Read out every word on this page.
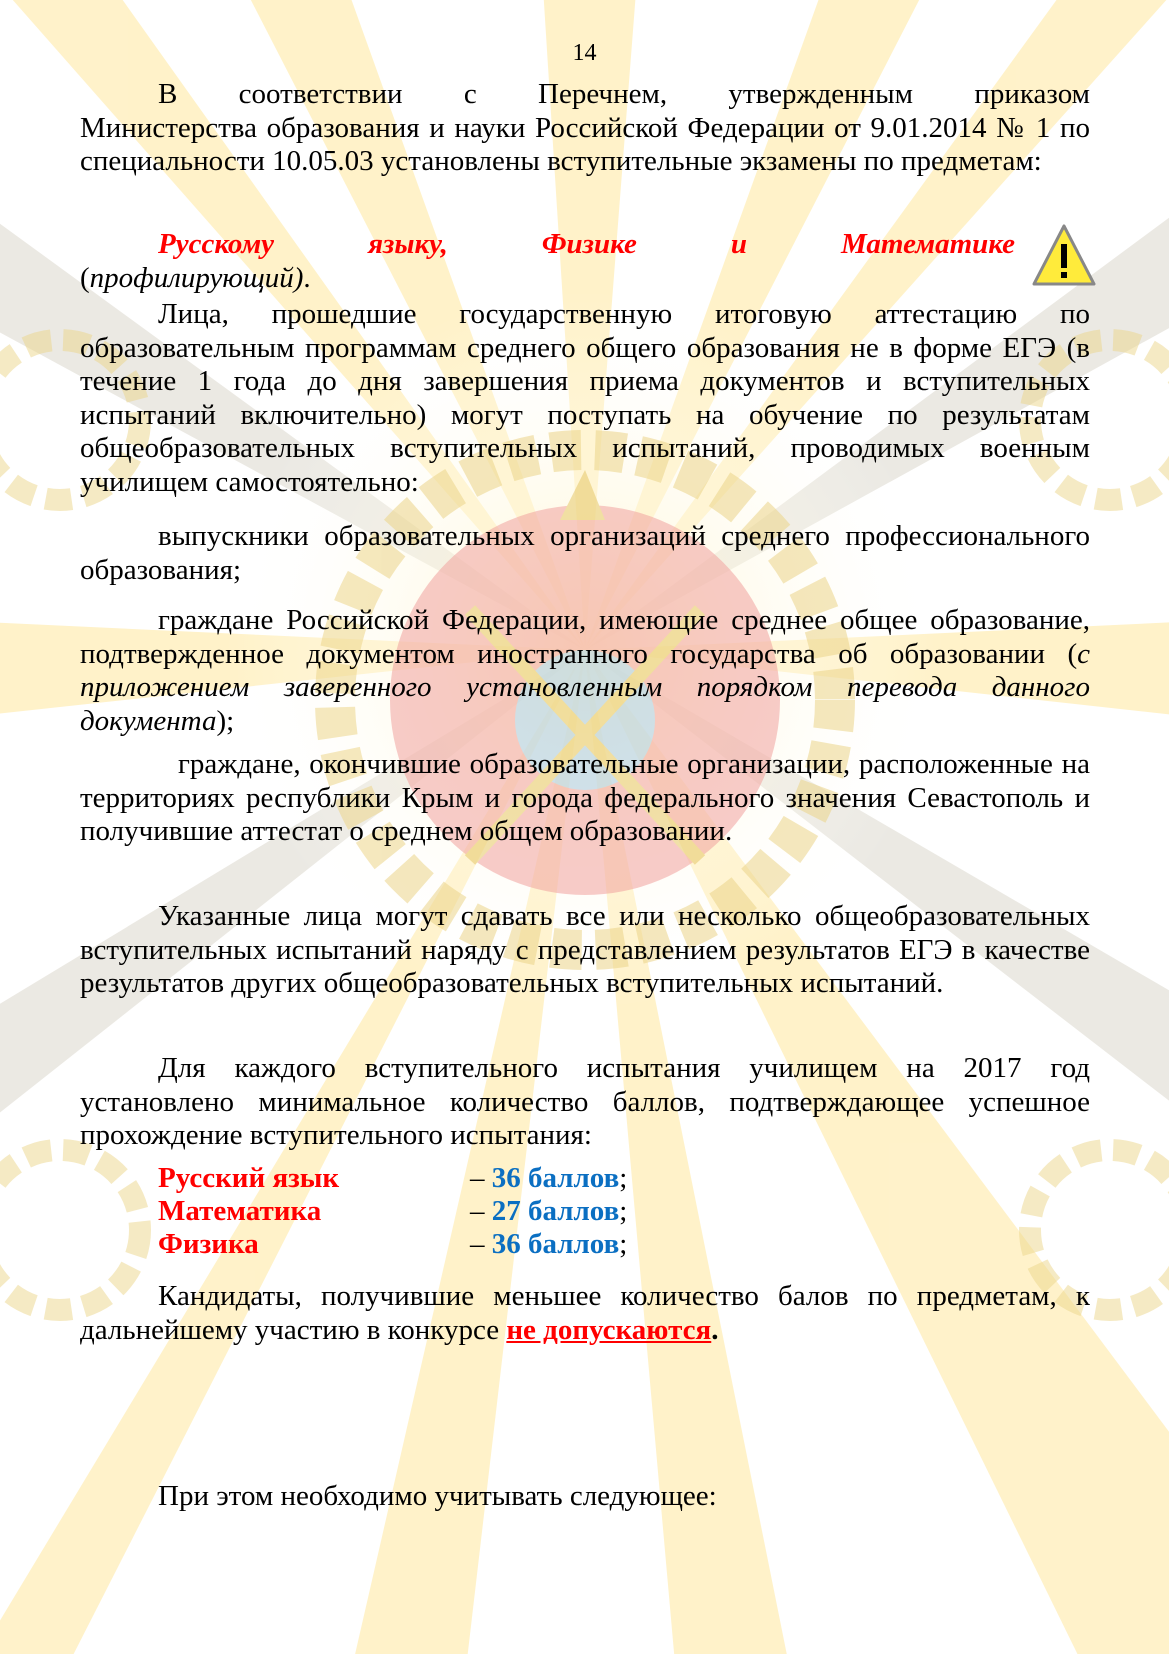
14
В соответствии с Перечнем, утвержденным приказом
Министерства образования и науки Российской Федерации от 9.01.2014 № 1 по специальности 10.05.03 установлены вступительные экзамены по предметам:
Русскому языку, Физике и Математике
(профилирующий).
Лица, прошедшие государственную итоговую аттестацию по образовательным программам среднего общего образования не в форме ЕГЭ (в течение 1 года до дня завершения приема документов и вступительных испытаний включительно) могут поступать на обучение по результатам общеобразовательных вступительных испытаний, проводимых военным училищем самостоятельно:
выпускники образовательных организаций среднего профессионального образования;
граждане Российской Федерации, имеющие среднее общее образование, подтвержденное документом иностранного государства об образовании (с приложением заверенного установленным порядком перевода данного документа);
граждане, окончившие образовательные организации, расположенные на территориях республики Крым и города федерального значения Севастополь и получившие аттестат о среднем общем образовании.
Указанные лица могут сдавать все или несколько общеобразовательных вступительных испытаний наряду с представлением результатов ЕГЭ в качестве результатов других общеобразовательных вступительных испытаний.
Для каждого вступительного испытания училищем на 2017 год установлено минимальное количество баллов, подтверждающее успешное прохождение вступительного испытания:
Русский язык	– 36 баллов;
Математика	– 27 баллов;
Физика	– 36 баллов;
Кандидаты, получившие меньшее количество балов по предметам, к дальнейшему участию в конкурсе не допускаются.
При этом необходимо учитывать следующее:
